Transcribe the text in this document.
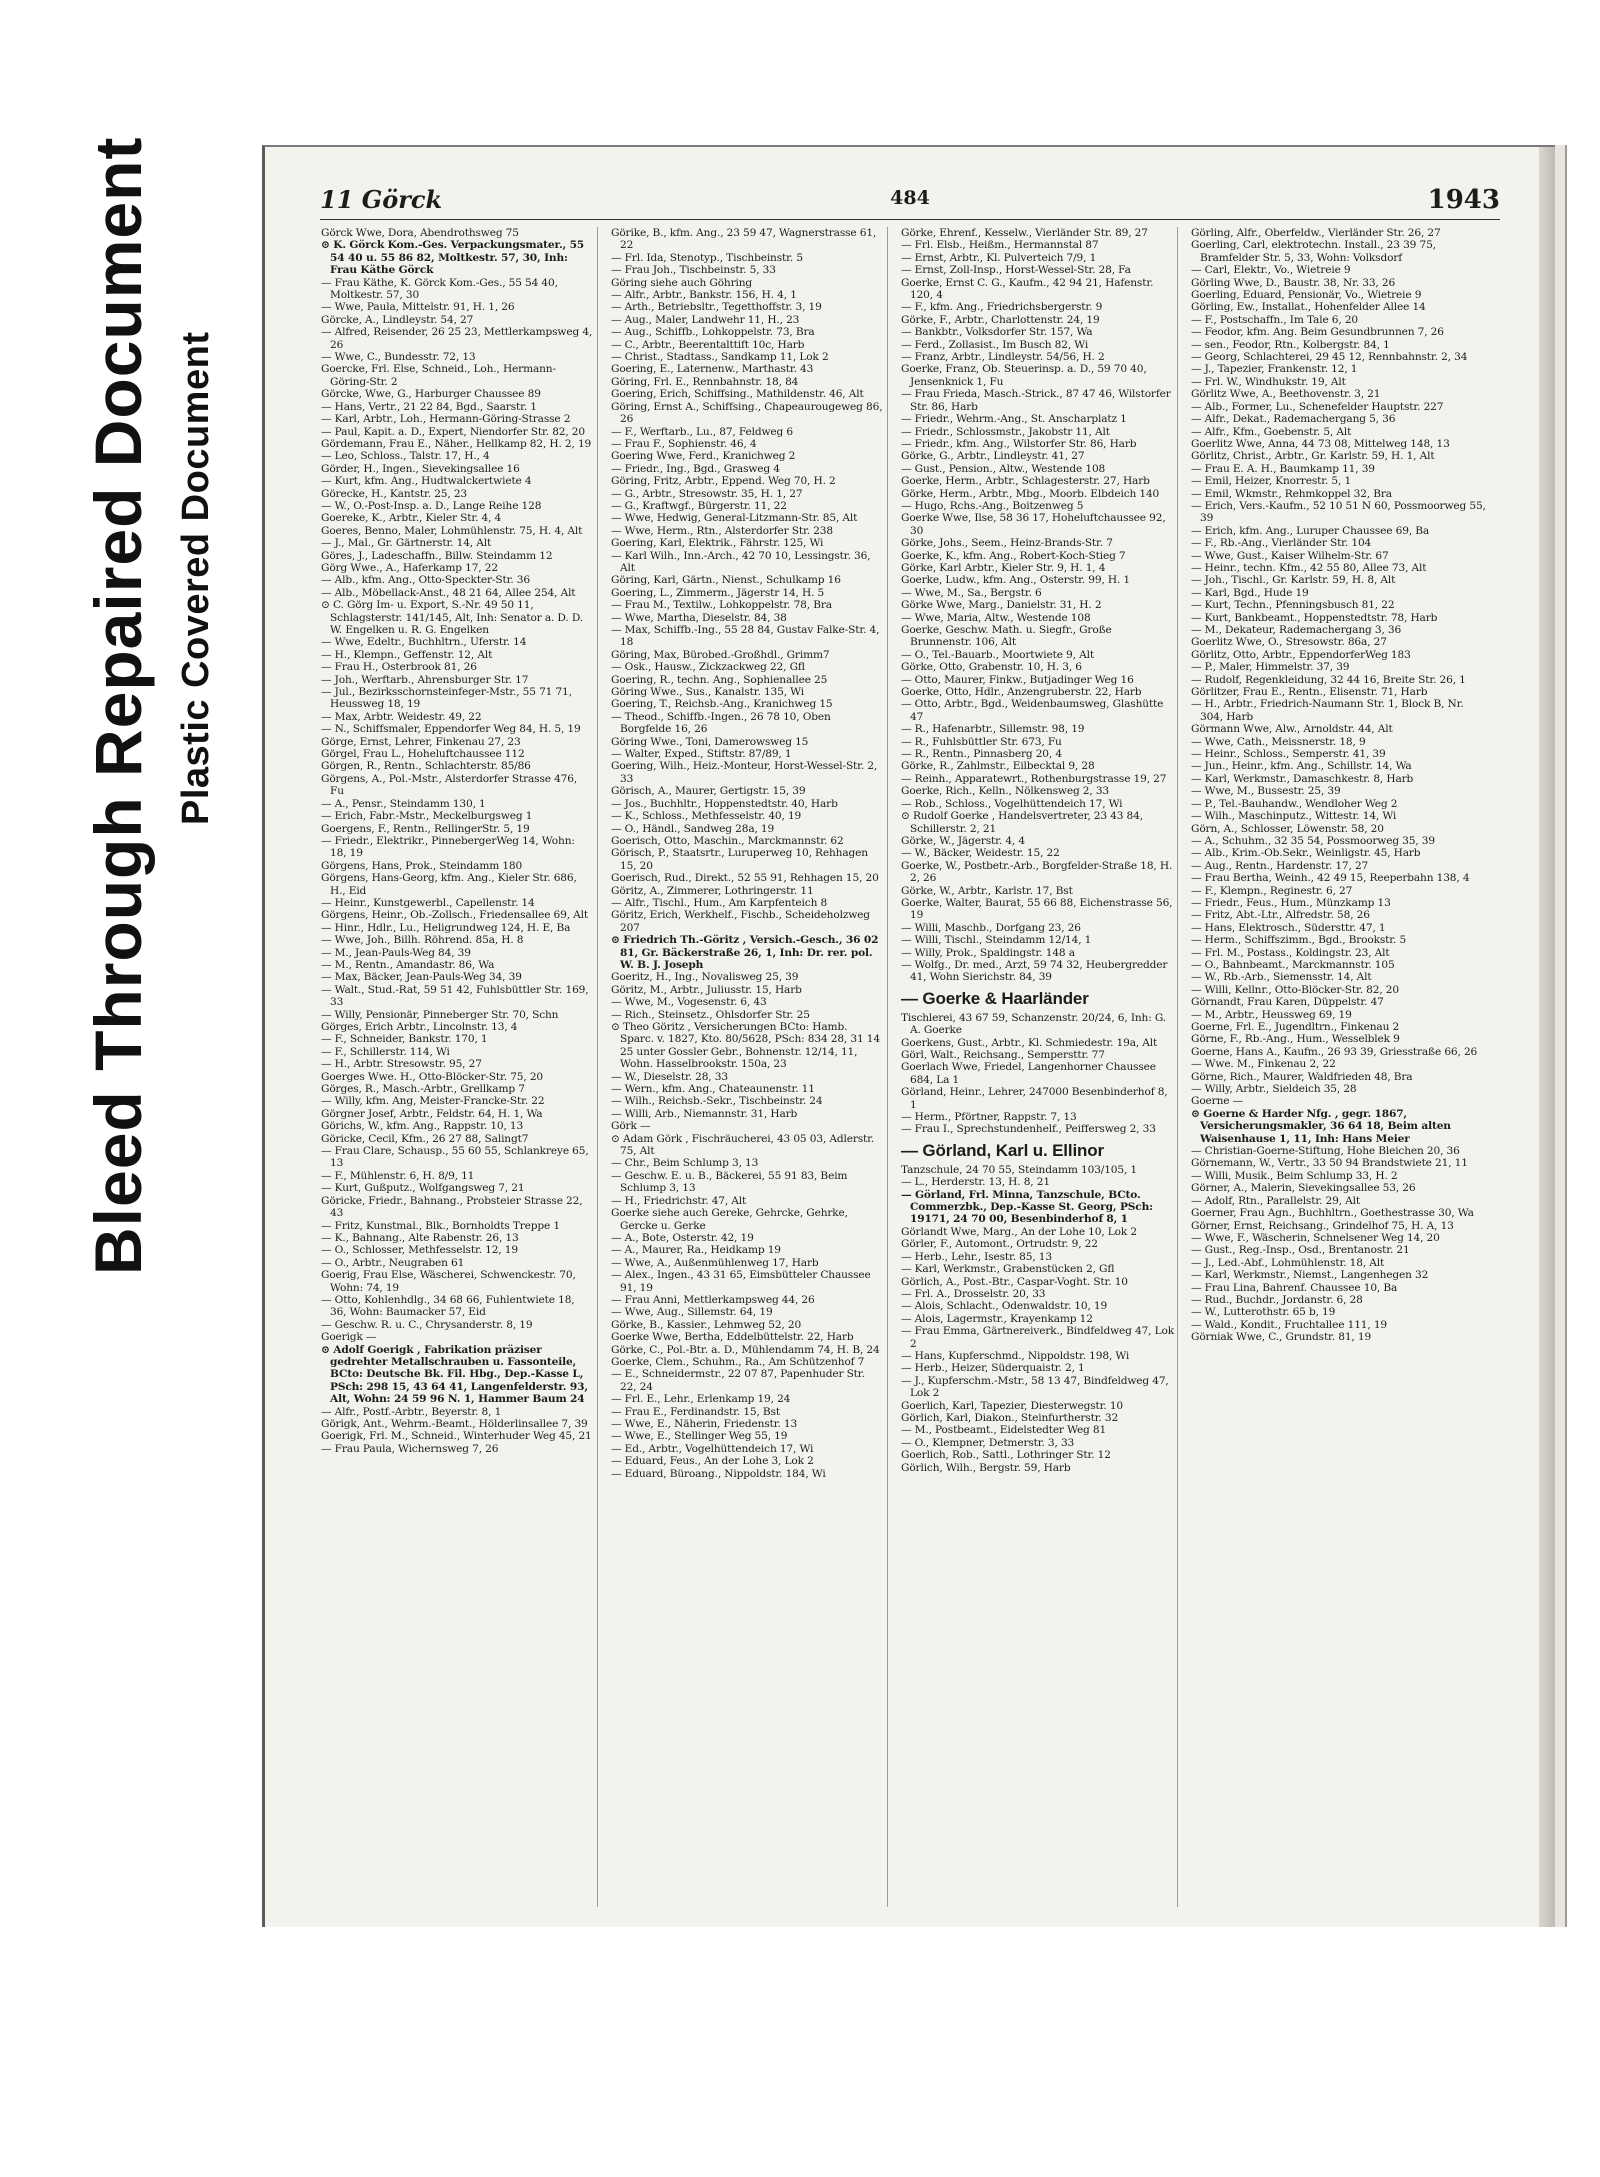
Bleed Through Repaired Document Plastic Covered Document
11 Görck	484	1943

Görck Wwe, Dora, Abendrothsweg 75

⊙ K. Görck Kom.-Ges. Verpackungsmater., 55 54 40 u. 55 86 82, Moltkestr. 57, 30, Inh: Frau Käthe Görck

— Frau Käthe, K. Görck Kom.-Ges., 55 54 40, Moltkestr. 57, 30

— Wwe, Paula, Mittelstr. 91, H. 1, 26

Görcke, A., Lindleystr. 54, 27

— Alfred, Reisender, 26 25 23, Mettlerkampsweg 4, 26

— Wwe, C., Bundesstr. 72, 13

Goercke, Frl. Else, Schneid., Loh., Hermann-Göring-Str. 2

Görcke, Wwe, G., Harburger Chaussee 89

— Hans, Vertr., 21 22 84, Bgd., Saarstr. 1

— Karl, Arbtr., Loh., Hermann-Göring-Strasse 2

— Paul, Kapit. a. D., Expert, Niendorfer Str. 82, 20

Gördemann, Frau E., Näher., Hellkamp 82, H. 2, 19

— Leo, Schloss., Talstr. 17, H., 4

Görder, H., Ingen., Sievekingsallee 16

— Kurt, kfm. Ang., Hudtwalckertwiete 4

Görecke, H., Kantstr. 25, 23

— W., O.-Post-Insp. a. D., Lange Reihe 128

Goereke, K., Arbtr., Kieler Str. 4, 4

Goeres, Benno, Maler, Lohmühlenstr. 75, H. 4, Alt

— J., Mal., Gr. Gärtnerstr. 14, Alt

Göres, J., Ladeschaffn., Billw. Steindamm 12

Görg Wwe., A., Haferkamp 17, 22

— Alb., kfm. Ang., Otto-Speckter-Str. 36

— Alb., Möbellack-Anst., 48 21 64, Allee 254, Alt

⊙ C. Görg Im- u. Export, S.-Nr. 49 50 11, Schlagsterstr. 141/145, Alt, Inh: Senator a. D. D. W. Engelken u. R. G. Engelken

— Wwe, Edeltr., Buchhltrn., Uferstr. 14

— H., Klempn., Geffenstr. 12, Alt

— Frau H., Osterbrook 81, 26

— Joh., Werftarb., Ahrensburger Str. 17

— Jul., Bezirksschornsteinfeger-Mstr., 55 71 71, Heussweg 18, 19

— Max, Arbtr. Weidestr. 49, 22

— N., Schiffsmaler, Eppendorfer Weg 84, H. 5, 19

Görge, Ernst, Lehrer, Finkenau 27, 23

Görgel, Frau L., Hoheluftchaussee 112

Görgen, R., Rentn., Schlachterstr. 85/86

Görgens, A., Pol.-Mstr., Alsterdorfer Strasse 476, Fu

— A., Pensr., Steindamm 130, 1

— Erich, Fabr.-Mstr., Meckelburgsweg 1

Goergens, F., Rentn., RellingerStr. 5, 19

— Friedr., Elektrikr., PinnebergerWeg 14, Wohn: 18, 19

Görgens, Hans, Prok., Steindamm 180

Görgens, Hans-Georg, kfm. Ang., Kieler Str. 686, H., Eid

— Heinr., Kunstgewerbl., Capellenstr. 14

Görgens, Heinr., Ob.-Zollsch., Friedensallee 69, Alt

— Hinr., Hdlr., Lu., Heligrundweg 124, H. E, Ba

— Wwe, Joh., Billh. Röhrend. 85a, H. 8

— M., Jean-Pauls-Weg 84, 39

— M., Rentn., Amandastr. 86, Wa

— Max, Bäcker, Jean-Pauls-Weg 34, 39

— Walt., Stud.-Rat, 59 51 42, Fuhlsbüttler Str. 169, 33

— Willy, Pensionär, Pinneberger Str. 70, Schn

Görges, Erich Arbtr., Lincolnstr. 13, 4

— F., Schneider, Bankstr. 170, 1

— F., Schillerstr. 114, Wi

— H., Arbtr. Stresowstr. 95, 27

Goerges Wwe. H., Otto-Blöcker-Str. 75, 20

Görges, R., Masch.-Arbtr., Grellkamp 7

— Willy, kfm. Ang, Meister-Francke-Str. 22

Görgner Josef, Arbtr., Feldstr. 64, H. 1, Wa

Görichs, W., kfm. Ang., Rappstr. 10, 13

Göricke, Cecil, Kfm., 26 27 88, Salingt7

— Frau Clare, Schausp., 55 60 55, Schlankreye 65, 13

— F., Mühlenstr. 6, H. 8/9, 11

— Kurt, Gußputz., Wolfgangsweg 7, 21

Göricke, Friedr., Bahnang., Probsteier Strasse 22, 43

— Fritz, Kunstmal., Blk., Bornholdts Treppe 1

— K., Bahnang., Alte Rabenstr. 26, 13

— O., Schlosser, Methfesselstr. 12, 19

— O., Arbtr., Neugraben 61

Goerig, Frau Else, Wäscherei, Schwenckestr. 70, Wohn: 74, 19

— Otto, Kohlenhdlg., 34 68 66, Fuhlentwiete 18, 36, Wohn: Baumacker 57, Eid

— Geschw. R. u. C., Chrysanderstr. 8, 19

Goerigk —

⊙ Adolf Goerigk , Fabrikation präziser gedrehter Metallschrauben u. Fassonteile, BCto: Deutsche Bk. Fil. Hbg., Dep.-Kasse L, PSch: 298 15, 43 64 41, Langenfelderstr. 93, Alt, Wohn: 24 59 96 N. 1, Hammer Baum 24

— Alfr., Postf.-Arbtr., Beyerstr. 8, 1

Görigk, Ant., Wehrm.-Beamt., Hölderlinsallee 7, 39

Goerigk, Frl. M., Schneid., Winterhuder Weg 45, 21

— Frau Paula, Wichernsweg 7, 26

Görike, B., kfm. Ang., 23 59 47, Wagnerstrasse 61, 22

— Frl. Ida, Stenotyp., Tischbeinstr. 5

— Frau Joh., Tischbeinstr. 5, 33

Göring siehe auch Göhring

— Alfr., Arbtr., Bankstr. 156, H. 4, 1

— Arth., Betriebsltr., Tegetthoffstr. 3, 19

— Aug., Maler, Landwehr 11, H., 23

— Aug., Schiffb., Lohkoppelstr. 73, Bra

— C., Arbtr., Beerentalttift 10c, Harb

— Christ., Stadtass., Sandkamp 11, Lok 2

Goering, E., Laternenw., Marthastr. 43

Göring, Frl. E., Rennbahnstr. 18, 84

Goering, Erich, Schiffsing., Mathildenstr. 46, Alt

Göring, Ernst A., Schiffsing., Chapeaurougeweg 86, 26

— F., Werftarb., Lu., 87, Feldweg 6

— Frau F., Sophienstr. 46, 4

Goering Wwe, Ferd., Kranichweg 2

— Friedr., Ing., Bgd., Grasweg 4

Göring, Fritz, Arbtr., Eppend. Weg 70, H. 2

— G., Arbtr., Stresowstr. 35, H. 1, 27

— G., Kraftwgf., Bürgerstr. 11, 22

— Wwe, Hedwig, General-Litzmann-Str. 85, Alt

— Wwe, Herm., Rtn., Alsterdorfer Str. 238

Goering, Karl, Elektrik., Fährstr. 125, Wi

— Karl Wilh., Inn.-Arch., 42 70 10, Lessingstr. 36, Alt

Göring, Karl, Gärtn., Nienst., Schulkamp 16

Goering, L., Zimmerm., Jägerstr 14, H. 5

— Frau M., Textilw., Lohkoppelstr. 78, Bra

— Wwe, Martha, Dieselstr. 84, 38

— Max, Schiffb.-Ing., 55 28 84, Gustav Falke-Str. 4, 18

Göring, Max, Bürobed.-Großhdl., Grimm7

— Osk., Hausw., Zickzackweg 22, Gfl

Goering, R., techn. Ang., Sophienallee 25

Göring Wwe., Sus., Kanalstr. 135, Wi

Goering, T., Reichsb.-Ang., Kranichweg 15

— Theod., Schiffb.-Ingen., 26 78 10, Oben Borgfelde 16, 26

Göring Wwe., Toni, Damerowsweg 15

— Walter, Exped., Stiftstr. 87/89, 1

Goering, Wilh., Heiz.-Monteur, Horst-Wessel-Str. 2, 33

Görisch, A., Maurer, Gertigstr. 15, 39

— Jos., Buchhltr., Hoppenstedtstr. 40, Harb

— K., Schloss., Methfesselstr. 40, 19

— O., Händl., Sandweg 28a, 19

Goerisch, Otto, Maschin., Marckmannstr. 62

Görisch, P., Staatsrtr., Luruperweg 10, Rehhagen 15, 20

Goerisch, Rud., Direkt., 52 55 91, Rehhagen 15, 20

Göritz, A., Zimmerer, Lothringerstr. 11

— Alfr., Tischl., Hum., Am Karpfenteich 8

Göritz, Erich, Werkhelf., Fischb., Scheideholzweg 207

⊙ Friedrich Th.-Göritz , Versich.-Gesch., 36 02 81, Gr. Bäckerstraße 26, 1, Inh: Dr. rer. pol. W. B. J. Joseph

Goeritz, H., Ing., Novalisweg 25, 39

Göritz, M., Arbtr., Juliusstr. 15, Harb

— Wwe, M., Vogesenstr. 6, 43

— Rich., Steinsetz., Ohlsdorfer Str. 25

⊙ Theo Göritz , Versicherungen BCto: Hamb. Sparc. v. 1827, Kto. 80/5628, PSch: 834 28, 31 14 25 unter Gossler Gebr., Bohnenstr. 12/14, 11, Wohn. Hasselbrookstr. 150a, 23

— W., Dieselstr. 28, 33

— Wern., kfm. Ang., Chateaunenstr. 11

— Wilh., Reichsb.-Sekr., Tischbeinstr. 24

— Willi, Arb., Niemannstr. 31, Harb

Görk —

⊙ Adam Görk , Fischräucherei, 43 05 03, Adlerstr. 75, Alt

— Chr., Beim Schlump 3, 13

— Geschw. E. u. B., Bäckerei, 55 91 83, Beim Schlump 3, 13

— H., Friedrichstr. 47, Alt

Goerke siehe auch Gereke, Gehrcke, Gehrke, Gercke u. Gerke

— A., Bote, Osterstr. 42, 19

— A., Maurer, Ra., Heidkamp 19

— Wwe, A., Außenmühlenweg 17, Harb

— Alex., Ingen., 43 31 65, Eimsbütteler Chaussee 91, 19

— Frau Anni, Mettlerkampsweg 44, 26

— Wwe, Aug., Sillemstr. 64, 19

Görke, B., Kassier., Lehmweg 52, 20

Goerke Wwe, Bertha, Eddelbüttelstr. 22, Harb

Görke, C., Pol.-Btr. a. D., Mühlendamm 74, H. B, 24

Goerke, Clem., Schuhm., Ra., Am Schützenhof 7

— E., Schneidermstr., 22 07 87, Papenhuder Str. 22, 24

— Frl. E., Lehr., Erlenkamp 19, 24

— Frau E., Ferdinandstr. 15, Bst

— Wwe, E., Näherin, Friedenstr. 13

— Wwe, E., Stellinger Weg 55, 19

— Ed., Arbtr., Vogelhüttendeich 17, Wi

— Eduard, Feus., An der Lohe 3, Lok 2

— Eduard, Büroang., Nippoldstr. 184, Wi

Görke, Ehrenf., Kesselw., Vierländer Str. 89, 27

— Frl. Elsb., Heißm., Hermannstal 87

— Ernst, Arbtr., Kl. Pulverteich 7/9, 1

— Ernst, Zoll-Insp., Horst-Wessel-Str. 28, Fa

Goerke, Ernst C. G., Kaufm., 42 94 21, Hafenstr. 120, 4

— F., kfm. Ang., Friedrichsbergerstr. 9

Görke, F., Arbtr., Charlottenstr. 24, 19

— Bankbtr., Volksdorfer Str. 157, Wa

— Ferd., Zollasist., Im Busch 82, Wi

— Franz, Arbtr., Lindleystr. 54/56, H. 2

Goerke, Franz, Ob. Steuerinsp. a. D., 59 70 40, Jensenknick 1, Fu

— Frau Frieda, Masch.-Strick., 87 47 46, Wilstorfer Str. 86, Harb

— Friedr., Wehrm.-Ang., St. Anscharplatz 1

— Friedr., Schlossmstr., Jakobstr 11, Alt

— Friedr., kfm. Ang., Wilstorfer Str. 86, Harb

Görke, G., Arbtr., Lindleystr. 41, 27

— Gust., Pension., Altw., Westende 108

Goerke, Herm., Arbtr., Schlagesterstr. 27, Harb

Görke, Herm., Arbtr., Mbg., Moorb. Elbdeich 140

— Hugo, Rchs.-Ang., Boitzenweg 5

Goerke Wwe, Ilse, 58 36 17, Hoheluftchaussee 92, 30

Görke, Johs., Seem., Heinz-Brands-Str. 7

Goerke, K., kfm. Ang., Robert-Koch-Stieg 7

Görke, Karl Arbtr., Kieler Str. 9, H. 1, 4

Goerke, Ludw., kfm. Ang., Osterstr. 99, H. 1

— Wwe, M., Sa., Bergstr. 6

Görke Wwe, Marg., Danielstr. 31, H. 2

— Wwe, Maria, Altw., Westende 108

Goerke, Geschw. Math. u. Siegfr., Große Brunnenstr. 106, Alt

— O., Tel.-Bauarb., Moortwiete 9, Alt

Görke, Otto, Grabenstr. 10, H. 3, 6

— Otto, Maurer, Finkw., Butjadinger Weg 16

Goerke, Otto, Hdlr., Anzengruberstr. 22, Harb

— Otto, Arbtr., Bgd., Weidenbaumsweg, Glashütte 47

— R., Hafenarbtr., Sillemstr. 98, 19

— R., Fuhlsbüttler Str. 673, Fu

— R., Rentn., Pinnasberg 20, 4

Görke, R., Zahlmstr., Eilbecktal 9, 28

— Reinh., Apparatewrt., Rothenburgstrasse 19, 27

Goerke, Rich., Kelln., Nölkensweg 2, 33

— Rob., Schloss., Vogelhüttendeich 17, Wi

⊙ Rudolf Goerke , Handelsvertreter, 23 43 84, Schillerstr. 2, 21

Görke, W., Jägerstr. 4, 4

— W., Bäcker, Weidestr. 15, 22

Goerke, W., Postbetr.-Arb., Borgfelder-Straße 18, H. 2, 26

Görke, W., Arbtr., Karlstr. 17, Bst

Goerke, Walter, Baurat, 55 66 88, Eichenstrasse 56, 19

— Willi, Maschb., Dorfgang 23, 26

— Willi, Tischl., Steindamm 12/14, 1

— Willy, Prok., Spaldingstr. 148 a

— Wolfg., Dr. med., Arzt, 59 74 32, Heubergredder 41, Wohn Sierichstr. 84, 39

— Goerke & Haarländer

Tischlerei, 43 67 59, Schanzenstr. 20/24, 6, Inh: G. A. Goerke

Goerkens, Gust., Arbtr., Kl. Schmiedestr. 19a, Alt

Görl, Walt., Reichsang., Sempersttr. 77

Goerlach Wwe, Friedel, Langenhorner Chaussee 684, La 1

Görland, Heinr., Lehrer, 247000 Besenbinderhof 8, 1

— Herm., Pförtner, Rappstr. 7, 13

— Frau I., Sprechstundenhelf., Peiffersweg 2, 33

— Görland, Karl u. Ellinor

Tanzschule, 24 70 55, Steindamm 103/105, 1

— L., Herderstr. 13, H. 8, 21

— Görland, Frl. Minna, Tanzschule, BCto. Commerzbk., Dep.-Kasse St. Georg, PSch: 19171, 24 70 00, Besenbinderhof 8, 1

Görlandt Wwe, Marg., An der Lohe 10, Lok 2

Görler, F., Automont., Ortrudstr. 9, 22

— Herb., Lehr., Isestr. 85, 13

— Karl, Werkmstr., Grabenstücken 2, Gfl

Görlich, A., Post.-Btr., Caspar-Voght. Str. 10

— Frl. A., Drosselstr. 20, 33

— Alois, Schlacht., Odenwaldstr. 10, 19

— Alois, Lagermstr., Krayenkamp 12

— Frau Emma, Gärtnereiverk., Bindfeldweg 47, Lok 2

— Hans, Kupferschmd., Nippoldstr. 198, Wi

— Herb., Heizer, Süderquaistr. 2, 1

— J., Kupferschm.-Mstr., 58 13 47, Bindfeldweg 47, Lok 2

Goerlich, Karl, Tapezier, Diesterwegstr. 10

Görlich, Karl, Diakon., Steinfurtherstr. 32

— M., Postbeamt., Eidelstedter Weg 81

— O., Klempner, Detmerstr. 3, 33

Goerlich, Rob., Sattl., Lothringer Str. 12

Görlich, Wilh., Bergstr. 59, Harb

Görling, Alfr., Oberfeldw., Vierländer Str. 26, 27

Goerling, Carl, elektrotechn. Install., 23 39 75, Bramfelder Str. 5, 33, Wohn: Volksdorf

— Carl, Elektr., Vo., Wietreie 9

Görling Wwe, D., Baustr. 38, Nr. 33, 26

Goerling, Eduard, Pensionär, Vo., Wietreie 9

Görling, Ew., Installat., Hohenfelder Allee 14

— F., Postschaffn., Im Tale 6, 20

— Feodor, kfm. Ang. Beim Gesundbrunnen 7, 26

— sen., Feodor, Rtn., Kolbergstr. 84, 1

— Georg, Schlachterei, 29 45 12, Rennbahnstr. 2, 34

— J., Tapezier, Frankenstr. 12, 1

— Frl. W., Windhukstr. 19, Alt

Görlitz Wwe, A., Beethovenstr. 3, 21

— Alb., Former, Lu., Schenefelder Hauptstr. 227

— Alfr., Dekat., Rademachergang 5, 36

— Alfr., Kfm., Goebenstr. 5, Alt

Goerlitz Wwe, Anna, 44 73 08, Mittelweg 148, 13

Görlitz, Christ., Arbtr., Gr. Karlstr. 59, H. 1, Alt

— Frau E. A. H., Baumkamp 11, 39

— Emil, Heizer, Knorrestr. 5, 1

— Emil, Wkmstr., Rehmkoppel 32, Bra

— Erich, Vers.-Kaufm., 52 10 51 N 60, Possmoorweg 55, 39

— Erich, kfm. Ang., Luruper Chaussee 69, Ba

— F., Rb.-Ang., Vierländer Str. 104

— Wwe, Gust., Kaiser Wilhelm-Str. 67

— Heinr., techn. Kfm., 42 55 80, Allee 73, Alt

— Joh., Tischl., Gr. Karlstr. 59, H. 8, Alt

— Karl, Bgd., Hude 19

— Kurt, Techn., Pfenningsbusch 81, 22

— Kurt, Bankbeamt., Hoppenstedtstr. 78, Harb

— M., Dekateur, Rademachergang 3, 36

Goerlitz Wwe, O., Stresowstr. 86a, 27

Görlitz, Otto, Arbtr., EppendorferWeg 183

— P., Maler, Himmelstr. 37, 39

— Rudolf, Regenkleidung, 32 44 16, Breite Str. 26, 1

Görlitzer, Frau E., Rentn., Elisenstr. 71, Harb

— H., Arbtr., Friedrich-Naumann Str. 1, Block B, Nr. 304, Harb

Görmann Wwe, Alw., Arnoldstr. 44, Alt

— Wwe, Cath., Meissnerstr. 18, 9

— Heinr., Schloss., Semperstr. 41, 39

— Jun., Heinr., kfm. Ang., Schillstr. 14, Wa

— Karl, Werkmstr., Damaschkestr. 8, Harb

— Wwe, M., Bussestr. 25, 39

— P., Tel.-Bauhandw., Wendloher Weg 2

— Wilh., Maschinputz., Wittestr. 14, Wi

Görn, A., Schlosser, Löwenstr. 58, 20

— A., Schuhm., 32 35 54, Possmoorweg 35, 39

— Alb., Krim.-Ob.Sekr., Weinligstr. 45, Harb

— Aug., Rentn., Hardenstr. 17, 27

— Frau Bertha, Weinh., 42 49 15, Reeperbahn 138, 4

— F., Klempn., Reginestr. 6, 27

— Friedr., Feus., Hum., Münzkamp 13

— Fritz, Abt.-Ltr., Alfredstr. 58, 26

— Hans, Elektrosch., Südersttr. 47, 1

— Herm., Schiffszimm., Bgd., Brookstr. 5

— Frl. M., Postass., Koldingstr. 23, Alt

— O., Bahnbeamt., Marckmannstr. 105

— W., Rb.-Arb., Siemensstr. 14, Alt

— Willi, Kellnr., Otto-Blöcker-Str. 82, 20

Görnandt, Frau Karen, Düppelstr. 47

— M., Arbtr., Heussweg 69, 19

Goerne, Frl. E., Jugendltrn., Finkenau 2

Görne, F., Rb.-Ang., Hum., Wesselblek 9

Goerne, Hans A., Kaufm., 26 93 39, Griesstraße 66, 26

— Wwe. M., Finkenau 2, 22

Görne, Rich., Maurer, Waldfrieden 48, Bra

— Willy, Arbtr., Sieldeich 35, 28

Goerne —

⊙ Goerne & Harder Nfg. , gegr. 1867, Versicherungsmakler, 36 64 18, Beim alten Waisenhause 1, 11, Inh: Hans Meier

— Christian-Goerne-Stiftung, Hohe Bleichen 20, 36

Görnemann, W., Vertr., 33 50 94 Brandstwiete 21, 11

— Willi, Musik., Beim Schlump 33, H. 2

Görner, A., Malerin, Sievekingsallee 53, 26

— Adolf, Rtn., Parallelstr. 29, Alt

Goerner, Frau Agn., Buchhltrn., Goethestrasse 30, Wa

Görner, Ernst, Reichsang., Grindelhof 75, H. A, 13

— Wwe, F., Wäscherin, Schnelsener Weg 14, 20

— Gust., Reg.-Insp., Osd., Brentanostr. 21

— J., Led.-Abf., Lohmühlenstr. 18, Alt

— Karl, Werkmstr., Niemst., Langenhegen 32

— Frau Lina, Bahrenf. Chaussee 10, Ba

— Rud., Buchdr., Jordanstr. 6, 28

— W., Lutterothstr. 65 b, 19

— Wald., Kondit., Fruchtallee 111, 19

Görniak Wwe, C., Grundstr. 81, 19
